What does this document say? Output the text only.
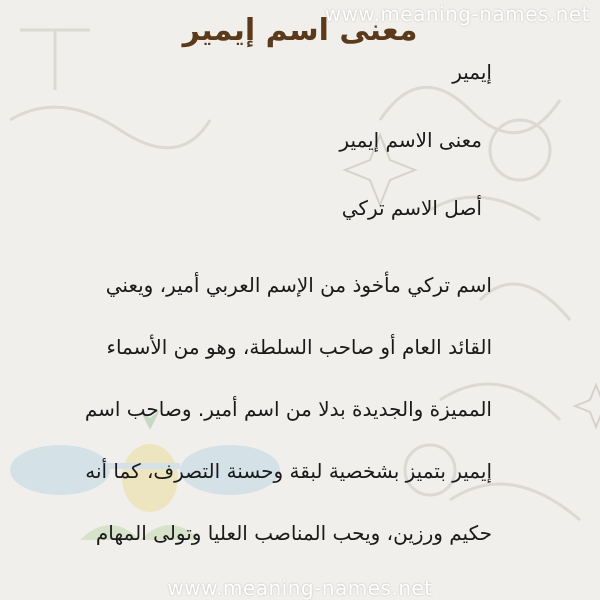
www.meaning-names.net
معنى اسم إيمير
إيمير
معنى الاسم إيمير
أصل الاسم تركي
اسم تركي مأخوذ من الإسم العربي أمير، ويعني
القائد العام أو صاحب السلطة، وهو من الأسماء
المميزة والجديدة بدلا من اسم أمير. وصاحب اسم
إيمير بتميز بشخصية لبقة وحسنة التصرف، كما أنه
حكيم ورزين، ويحب المناصب العليا وتولى المهام
www.meaning-names.net
